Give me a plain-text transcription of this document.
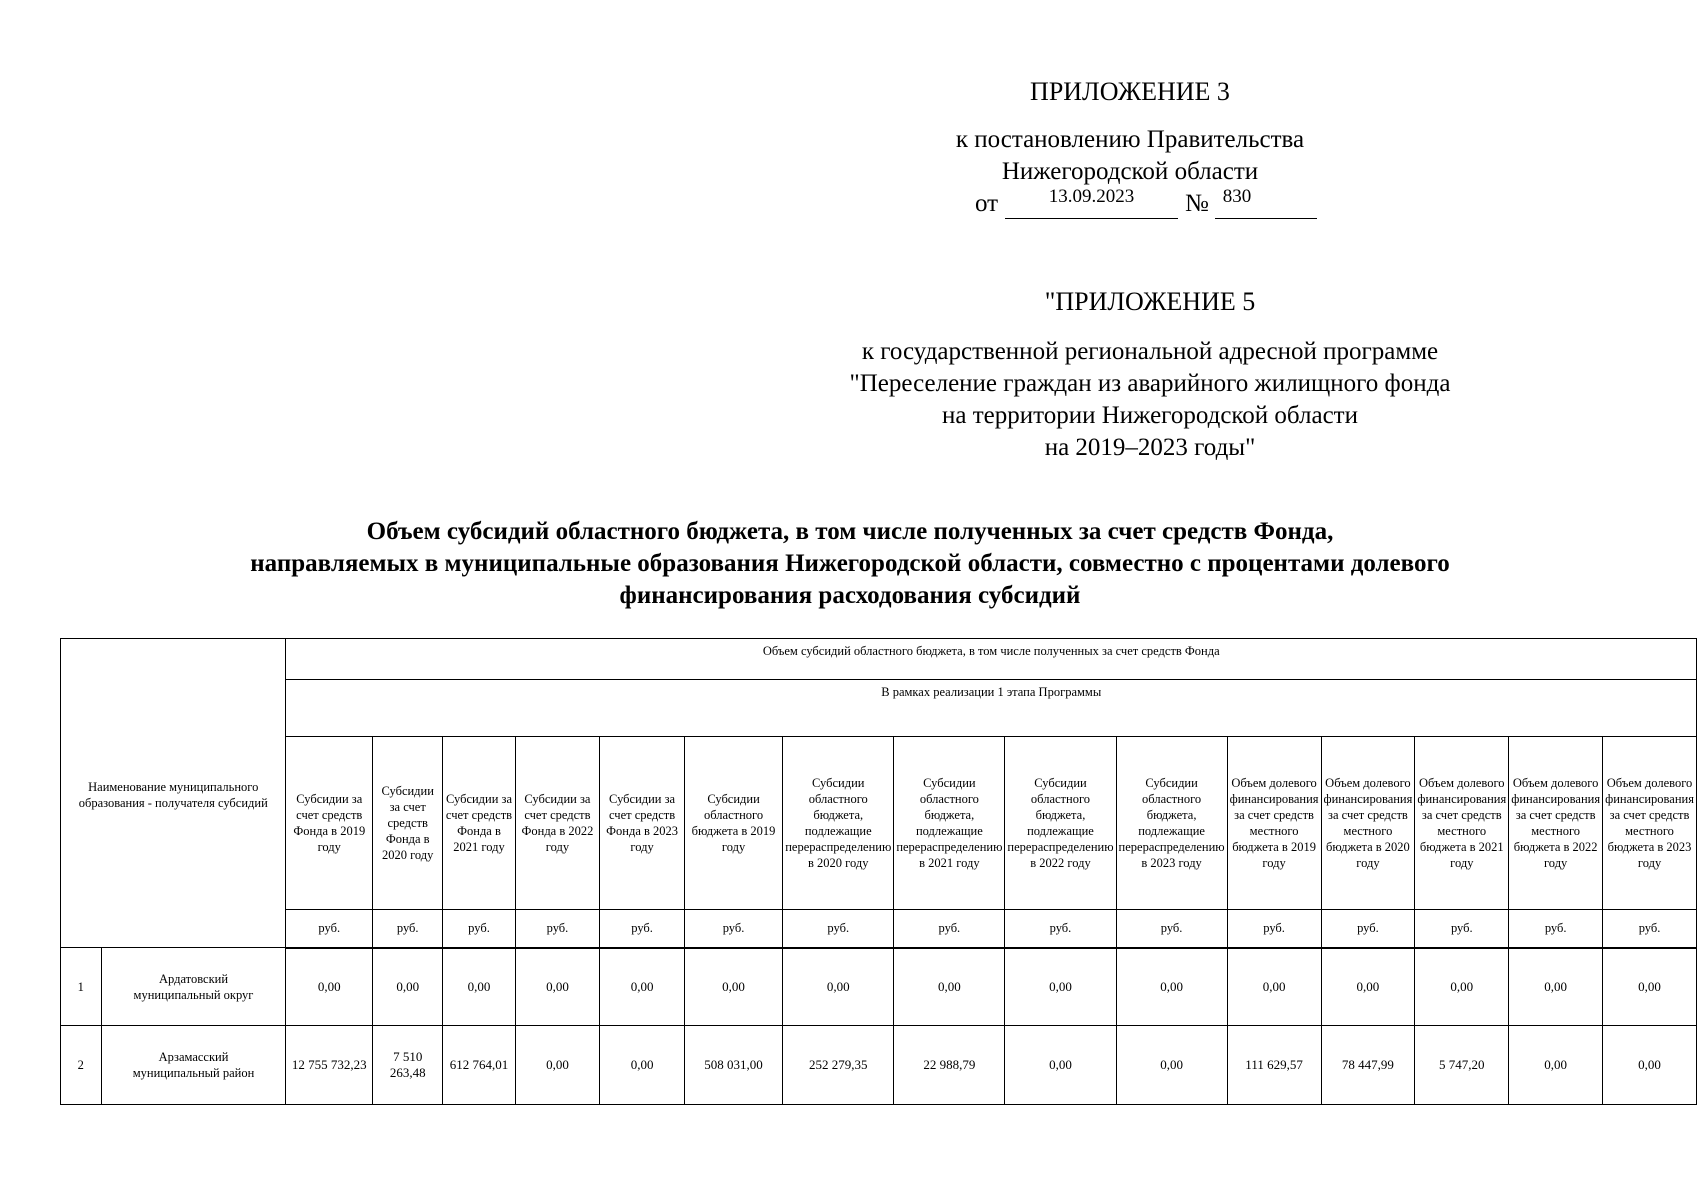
ПРИЛОЖЕНИЕ 3
к постановлению Правительства
Нижегородской области
от	13.09.2023	№ 830
"ПРИЛОЖЕНИЕ 5
к государственной региональной адресной программе
"Переселение граждан из аварийного жилищного фонда
на территории Нижегородской области
на 2019–2023 годы"
Объем субсидий областного бюджета, в том числе полученных за счет средств Фонда,
направляемых в муниципальные образования Нижегородской области, совместно с процентами долевого
финансирования расходования субсидий
Наименование муниципального образования - получателя субсидий		Объем субсидий областного бюджета, в том числе полученных за счет средств Фонда														
		В рамках реализации 1 этапа Программы														
		Субсидии за счет средств Фонда в 2019 году	Субсидии за счет средств Фонда в 2020 году	Субсидии за счет средств Фонда в 2021 году	Субсидии за счет средств Фонда в 2022 году	Субсидии за счет средств Фонда в 2023 году	Субсидии областного бюджета в 2019 году	Субсидии областного бюджета, подлежащие перераспределению в 2020 году	Субсидии областного бюджета, подлежащие перераспределению в 2021 году	Субсидии областного бюджета, подлежащие перераспределению в 2022 году	Субсидии областного бюджета, подлежащие перераспределению в 2023 году	Объем долевого финансирования за счет средств местного бюджета в 2019 году	Объем долевого финансирования за счет средств местного бюджета в 2020 году	Объем долевого финансирования за счет средств местного бюджета в 2021 году	Объем долевого финансирования за счет средств местного бюджета в 2022 году	Объем долевого финансирования за счет средств местного бюджета в 2023 году
		руб.	руб.	руб.	руб.	руб.	руб.	руб.	руб.	руб.	руб.	руб.	руб.	руб.	руб.	руб.
1	Ардатовский муниципальный округ	0,00	0,00	0,00	0,00	0,00	0,00	0,00	0,00	0,00	0,00	0,00	0,00	0,00	0,00	0,00
2	Арзамасский муниципальный район	12 755 732,23	7 510 263,48	612 764,01	0,00	0,00	508 031,00	252 279,35	22 988,79	0,00	0,00	111 629,57	78 447,99	5 747,20	0,00	0,00
